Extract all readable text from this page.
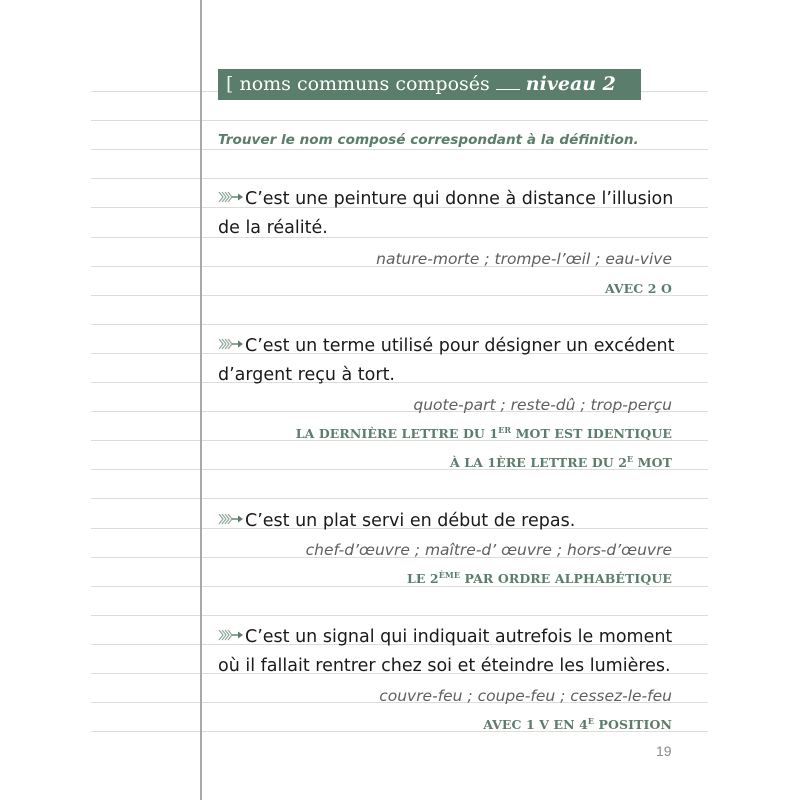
[ noms communs composés niveau 2
Trouver le nom composé correspondant à la définition.
C’est une peinture qui donne à distance l’illusion
de la réalité.
nature-morte ; trompe-l’œil ; eau-vive
AVEC 2 O
C’est un terme utilisé pour désigner un excédent
d’argent reçu à tort.
quote-part ; reste-dû ; trop-perçu
LA DERNIÈRE LETTRE DU 1ER MOT EST IDENTIQUE
À LA 1ÈRE LETTRE DU $2^E$ MOT
C’est un plat servi en début de repas.
chef-d’œuvre ; maître-d’ œuvre ; hors-d’œuvre
LE 2ÈME PAR ORDRE ALPHABÉTIQUE
C’est un signal qui indiquait autrefois le moment
où il fallait rentrer chez soi et éteindre les lumières.
couvre-feu ; coupe-feu ; cessez-le-feu
AVEC 1 V EN $4^E$ POSITION
19
